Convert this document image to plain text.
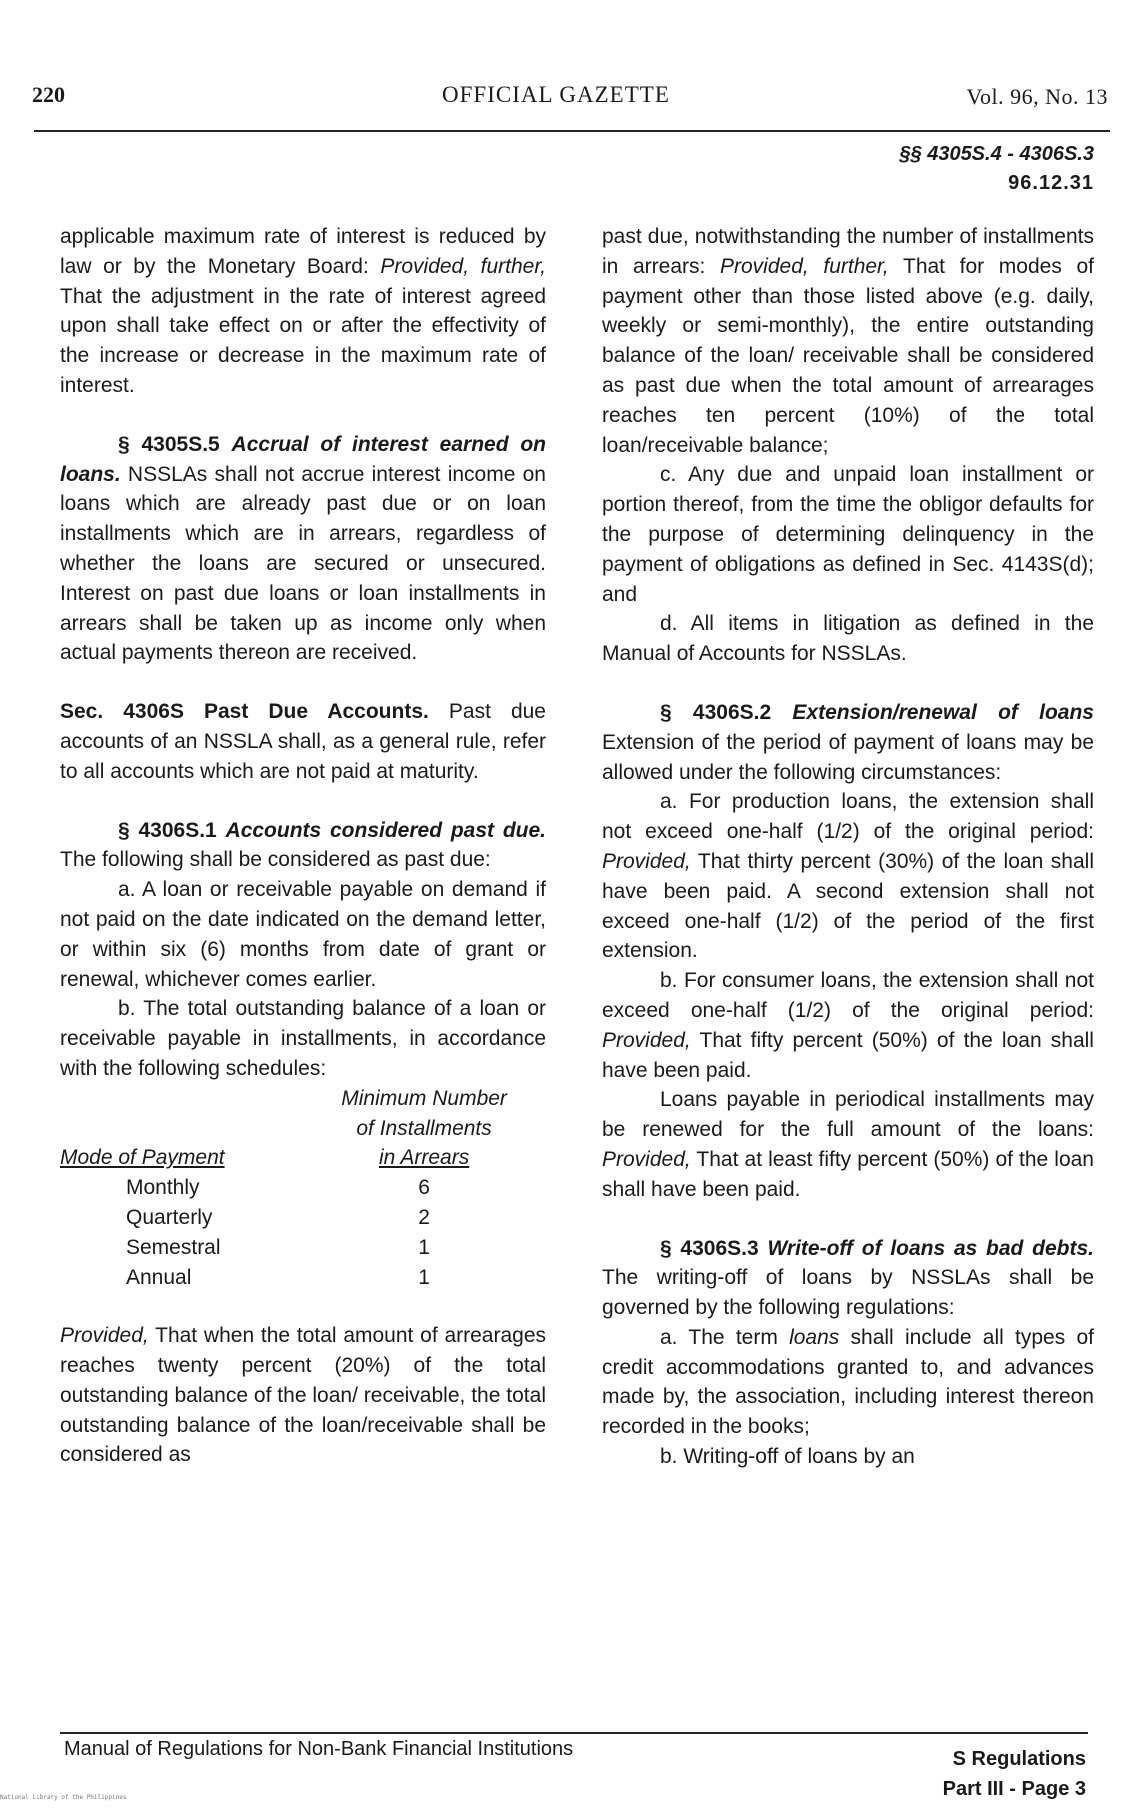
220	OFFICIAL GAZETTE	Vol. 96, No. 13
§§ 4305S.4 - 4306S.3
96.12.31

applicable maximum rate of interest is reduced by law or by the Monetary Board: Provided, further, That the adjustment in the rate of interest agreed upon shall take effect on or after the effectivity of the increase or decrease in the maximum rate of interest.

§ 4305S.5 Accrual of interest earned on loans. NSSLAs shall not accrue interest income on loans which are already past due or on loan installments which are in arrears, regardless of whether the loans are secured or unsecured. Interest on past due loans or loan installments in arrears shall be taken up as income only when actual payments thereon are received.

Sec. 4306S Past Due Accounts. Past due accounts of an NSSLA shall, as a general rule, refer to all accounts which are not paid at maturity.

§ 4306S.1 Accounts considered past due. The following shall be considered as past due:

a. A loan or receivable payable on demand if not paid on the date indicated on the demand letter, or within six (6) months from date of grant or renewal, whichever comes earlier.

b. The total outstanding balance of a loan or receivable payable in installments, in accordance with the following schedules:

	Minimum Number
	of Installments
Mode of Payment	in Arrears
Monthly	6
Quarterly	2
Semestral	1
Annual	1

Provided, That when the total amount of arrearages reaches twenty percent (20%) of the total outstanding balance of the loan/ receivable, the total outstanding balance of the loan/receivable shall be considered as

past due, notwithstanding the number of installments in arrears: Provided, further, That for modes of payment other than those listed above (e.g. daily, weekly or semi-monthly), the entire outstanding balance of the loan/ receivable shall be considered as past due when the total amount of arrearages reaches ten percent (10%) of the total loan/receivable balance;

c. Any due and unpaid loan installment or portion thereof, from the time the obligor defaults for the purpose of determining delinquency in the payment of obligations as defined in Sec. 4143S(d); and

d. All items in litigation as defined in the Manual of Accounts for NSSLAs.

§ 4306S.2 Extension/renewal of loans Extension of the period of payment of loans may be allowed under the following circumstances:

a. For production loans, the extension shall not exceed one-half (1/2) of the original period: Provided, That thirty percent (30%) of the loan shall have been paid. A second extension shall not exceed one-half (1/2) of the period of the first extension.

b. For consumer loans, the extension shall not exceed one-half (1/2) of the original period: Provided, That fifty percent (50%) of the loan shall have been paid.

Loans payable in periodical installments may be renewed for the full amount of the loans: Provided, That at least fifty percent (50%) of the loan shall have been paid.

§ 4306S.3 Write-off of loans as bad debts. The writing-off of loans by NSSLAs shall be governed by the following regulations:

a. The term loans shall include all types of credit accommodations granted to, and advances made by, the association, including interest thereon recorded in the books;

b. Writing-off of loans by an

Manual of Regulations for Non-Bank Financial Institutions	S Regulations
Part III - Page 3
National Library of the Philippines
